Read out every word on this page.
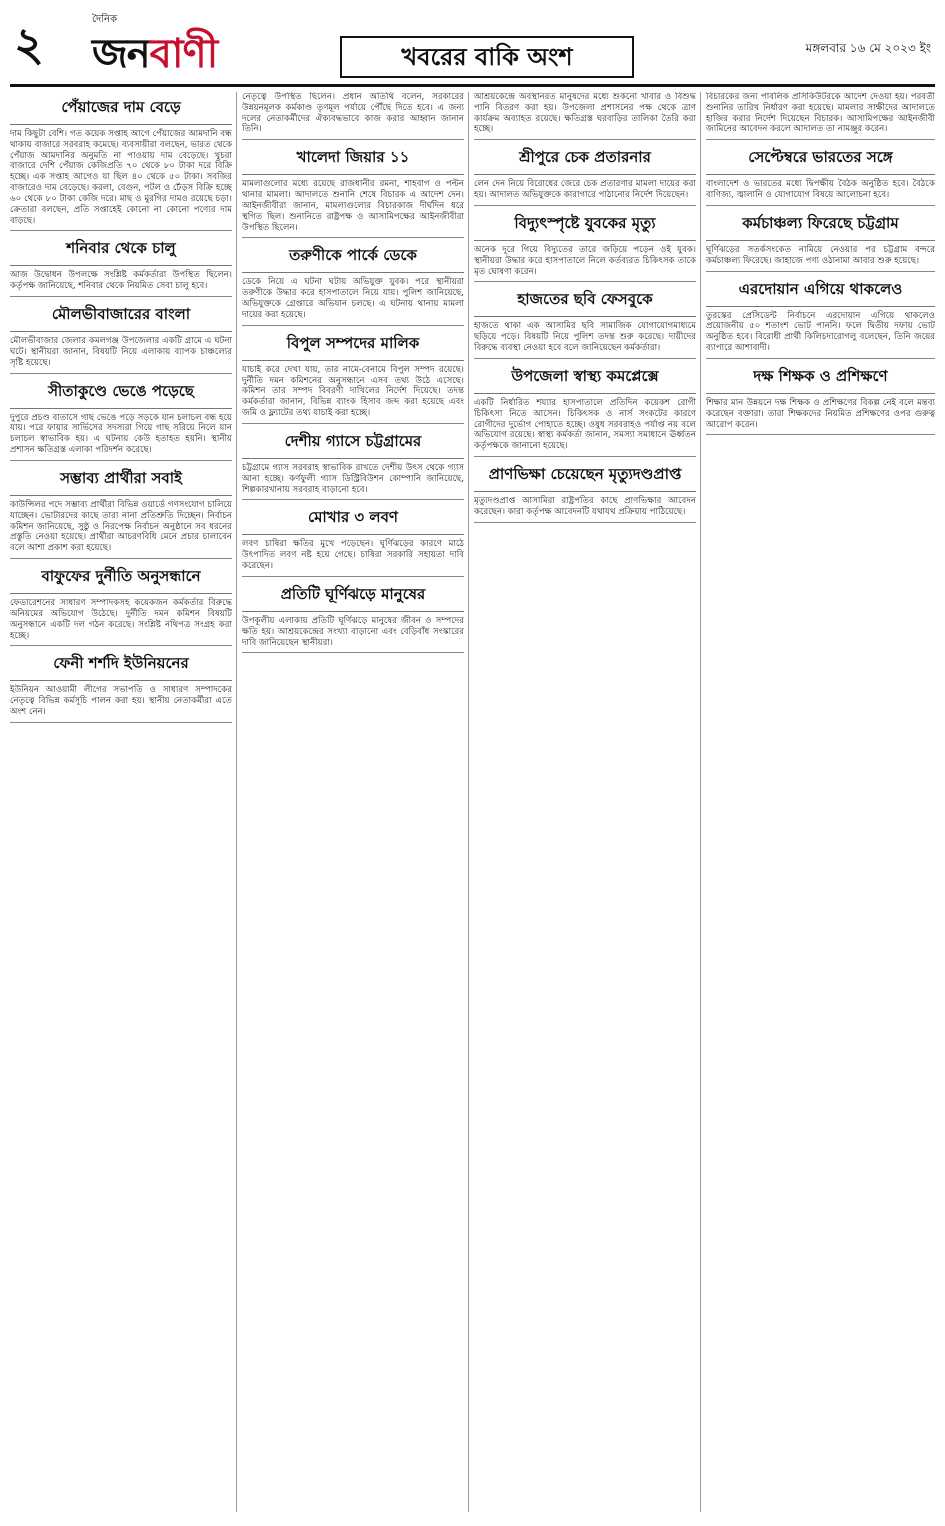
২	দৈনিক
জনবাণী	খবরের বাকি অংশ	মঙ্গলবার ১৬ মে ২০২৩ ইং
পেঁয়াজের দাম বেড়ে
দাম কিছুটা বেশি। গত কয়েক সপ্তাহ আগে পেঁয়াজের আমদানি বন্ধ থাকায় বাজারে সরবরাহ কমেছে। ব্যবসায়ীরা বলছেন, ভারত থেকে পেঁয়াজ আমদানির অনুমতি না পাওয়ায় দাম বেড়েছে। খুচরা বাজারে দেশি পেঁয়াজ কেজিপ্রতি ৭০ থেকে ৮০ টাকা দরে বিক্রি হচ্ছে। এক সপ্তাহ আগেও যা ছিল ৪০ থেকে ৫০ টাকা। সবজির বাজারেও দাম বেড়েছে। করলা, বেগুন, পটল ও ঢেঁড়স বিক্রি হচ্ছে ৬০ থেকে ৮০ টাকা কেজি দরে। মাছ ও মুরগির দামও রয়েছে চড়া। ক্রেতারা বলছেন, প্রতি সপ্তাহেই কোনো না কোনো পণ্যের দাম বাড়ছে।
শনিবার থেকে চালু
আজ উদ্বোধন উপলক্ষে সংশ্লিষ্ট কর্মকর্তারা উপস্থিত ছিলেন। কর্তৃপক্ষ জানিয়েছে, শনিবার থেকে নিয়মিত সেবা চালু হবে।
মৌলভীবাজারের বাংলা
মৌলভীবাজার জেলার কমলগঞ্জ উপজেলার একটি গ্রামে এ ঘটনা ঘটে। স্থানীয়রা জানান, বিষয়টি নিয়ে এলাকায় ব্যাপক চাঞ্চল্যের সৃষ্টি হয়েছে।
সীতাকুণ্ডে ভেঙে পড়েছে
দুপুরে প্রচণ্ড বাতাসে গাছ ভেঙে পড়ে সড়কে যান চলাচল বন্ধ হয়ে যায়। পরে ফায়ার সার্ভিসের সদস্যরা গিয়ে গাছ সরিয়ে নিলে যান চলাচল স্বাভাবিক হয়। এ ঘটনায় কেউ হতাহত হয়নি। স্থানীয় প্রশাসন ক্ষতিগ্রস্ত এলাকা পরিদর্শন করেছে।
সম্ভাব্য প্রার্থীরা সবাই
কাউন্সিলর পদে সম্ভাব্য প্রার্থীরা বিভিন্ন ওয়ার্ডে গণসংযোগ চালিয়ে যাচ্ছেন। ভোটারদের কাছে তারা নানা প্রতিশ্রুতি দিচ্ছেন। নির্বাচন কমিশন জানিয়েছে, সুষ্ঠু ও নিরপেক্ষ নির্বাচন অনুষ্ঠানে সব ধরনের প্রস্তুতি নেওয়া হয়েছে। প্রার্থীরা আচরণবিধি মেনে প্রচার চালাবেন বলে আশা প্রকাশ করা হয়েছে।
বাফুফের দুর্নীতি অনুসন্ধানে
ফেডারেশনের সাধারণ সম্পাদকসহ কয়েকজন কর্মকর্তার বিরুদ্ধে অনিয়মের অভিযোগ উঠেছে। দুর্নীতি দমন কমিশন বিষয়টি অনুসন্ধানে একটি দল গঠন করেছে। সংশ্লিষ্ট নথিপত্র সংগ্রহ করা হচ্ছে।
ফেনী শর্শদি ইউনিয়নের
ইউনিয়ন আওয়ামী লীগের সভাপতি ও সাধারণ সম্পাদকের নেতৃত্বে বিভিন্ন কর্মসূচি পালন করা হয়। স্থানীয় নেতাকর্মীরা এতে অংশ নেন।
নেতৃত্বে উপস্থিত ছিলেন। প্রধান অতিথি বলেন, সরকারের উন্নয়নমূলক কর্মকাণ্ড তৃণমূল পর্যায়ে পৌঁছে দিতে হবে। এ জন্য দলের নেতাকর্মীদের ঐক্যবদ্ধভাবে কাজ করার আহ্বান জানান তিনি।
খালেদা জিয়ার ১১
মামলাগুলোর মধ্যে রয়েছে রাজধানীর রমনা, শাহবাগ ও পল্টন থানার মামলা। আদালতে শুনানি শেষে বিচারক এ আদেশ দেন। আইনজীবীরা জানান, মামলাগুলোর বিচারকাজ দীর্ঘদিন ধরে স্থগিত ছিল। শুনানিতে রাষ্ট্রপক্ষ ও আসামিপক্ষের আইনজীবীরা উপস্থিত ছিলেন।
তরুণীকে পার্কে ডেকে
ডেকে নিয়ে এ ঘটনা ঘটায় অভিযুক্ত যুবক। পরে স্থানীয়রা তরুণীকে উদ্ধার করে হাসপাতালে নিয়ে যায়। পুলিশ জানিয়েছে, অভিযুক্তকে গ্রেপ্তারে অভিযান চলছে। এ ঘটনায় থানায় মামলা দায়ের করা হয়েছে।
বিপুল সম্পদের মালিক
যাচাই করে দেখা যায়, তার নামে-বেনামে বিপুল সম্পদ রয়েছে। দুর্নীতি দমন কমিশনের অনুসন্ধানে এসব তথ্য উঠে এসেছে। কমিশন তার সম্পদ বিবরণী দাখিলের নির্দেশ দিয়েছে। তদন্ত কর্মকর্তারা জানান, বিভিন্ন ব্যাংক হিসাব জব্দ করা হয়েছে এবং জমি ও ফ্ল্যাটের তথ্য যাচাই করা হচ্ছে।
দেশীয় গ্যাসে চট্টগ্রামের
চট্টগ্রামে গ্যাস সরবরাহ স্বাভাবিক রাখতে দেশীয় উৎস থেকে গ্যাস আনা হচ্ছে। কর্ণফুলী গ্যাস ডিস্ট্রিবিউশন কোম্পানি জানিয়েছে, শিল্পকারখানায় সরবরাহ বাড়ানো হবে।
মোখার ৩ লবণ
লবণ চাষিরা ক্ষতির মুখে পড়েছেন। ঘূর্ণিঝড়ের কারণে মাঠে উৎপাদিত লবণ নষ্ট হয়ে গেছে। চাষিরা সরকারি সহায়তা দাবি করেছেন।
প্রতিটি ঘূর্ণিঝড়ে মানুষের
উপকূলীয় এলাকায় প্রতিটি ঘূর্ণিঝড়ে মানুষের জীবন ও সম্পদের ক্ষতি হয়। আশ্রয়কেন্দ্রের সংখ্যা বাড়ানো এবং বেড়িবাঁধ সংস্কারের দাবি জানিয়েছেন স্থানীয়রা।
আশ্রয়কেন্দ্রে অবস্থানরত মানুষদের মধ্যে শুকনো খাবার ও বিশুদ্ধ পানি বিতরণ করা হয়। উপজেলা প্রশাসনের পক্ষ থেকে ত্রাণ কার্যক্রম অব্যাহত রয়েছে। ক্ষতিগ্রস্ত ঘরবাড়ির তালিকা তৈরি করা হচ্ছে।
শ্রীপুরে চেক প্রতারনার
লেন দেন নিয়ে বিরোধের জেরে চেক প্রতারণার মামলা দায়ের করা হয়। আদালত অভিযুক্তকে কারাগারে পাঠানোর নির্দেশ দিয়েছেন।
বিদ্যুৎস্পৃষ্টে যুবকের মৃত্যু
অনেক দূরে গিয়ে বিদ্যুতের তারে জড়িয়ে পড়েন ওই যুবক। স্থানীয়রা উদ্ধার করে হাসপাতালে নিলে কর্তব্যরত চিকিৎসক তাকে মৃত ঘোষণা করেন।
হাজতের ছবি ফেসবুকে
হাজতে থাকা এক আসামির ছবি সামাজিক যোগাযোগমাধ্যমে ছড়িয়ে পড়ে। বিষয়টি নিয়ে পুলিশ তদন্ত শুরু করেছে। দায়ীদের বিরুদ্ধে ব্যবস্থা নেওয়া হবে বলে জানিয়েছেন কর্মকর্তারা।
উপজেলা স্বাস্থ্য কমপ্লেক্সে
একটি নির্ধারিত শয্যার হাসপাতালে প্রতিদিন কয়েকশ রোগী চিকিৎসা নিতে আসেন। চিকিৎসক ও নার্স সংকটের কারণে রোগীদের দুর্ভোগ পোহাতে হচ্ছে। ওষুধ সরবরাহও পর্যাপ্ত নয় বলে অভিযোগ রয়েছে। স্বাস্থ্য কর্মকর্তা জানান, সমস্যা সমাধানে ঊর্ধ্বতন কর্তৃপক্ষকে জানানো হয়েছে।
প্রাণভিক্ষা চেয়েছেন মৃত্যুদণ্ডপ্রাপ্ত
মৃত্যুদণ্ডপ্রাপ্ত আসামিরা রাষ্ট্রপতির কাছে প্রাণভিক্ষার আবেদন করেছেন। কারা কর্তৃপক্ষ আবেদনটি যথাযথ প্রক্রিয়ায় পাঠিয়েছে।
বিচারকের জন্য পাবলিক প্রসিকিউটরকে আদেশ দেওয়া হয়। পরবর্তী শুনানির তারিখ নির্ধারণ করা হয়েছে। মামলার সাক্ষীদের আদালতে হাজির করার নির্দেশ দিয়েছেন বিচারক। আসামিপক্ষের আইনজীবী জামিনের আবেদন করলে আদালত তা নামঞ্জুর করেন।
সেপ্টেম্বরে ভারতের সঙ্গে
বাংলাদেশ ও ভারতের মধ্যে দ্বিপক্ষীয় বৈঠক অনুষ্ঠিত হবে। বৈঠকে বাণিজ্য, জ্বালানি ও যোগাযোগ বিষয়ে আলোচনা হবে।
কর্মচাঞ্চল্য ফিরেছে চট্টগ্রাম
ঘূর্ণিঝড়ের সতর্কসংকেত নামিয়ে নেওয়ার পর চট্টগ্রাম বন্দরে কর্মচাঞ্চল্য ফিরেছে। জাহাজে পণ্য ওঠানামা আবার শুরু হয়েছে।
এরদোয়ান এগিয়ে থাকলেও
তুরস্কের প্রেসিডেন্ট নির্বাচনে এরদোয়ান এগিয়ে থাকলেও প্রয়োজনীয় ৫০ শতাংশ ভোট পাননি। ফলে দ্বিতীয় দফায় ভোট অনুষ্ঠিত হবে। বিরোধী প্রার্থী কিলিচদারোগলু বলেছেন, তিনি জয়ের ব্যাপারে আশাবাদী।
দক্ষ শিক্ষক ও প্রশিক্ষণে
শিক্ষার মান উন্নয়নে দক্ষ শিক্ষক ও প্রশিক্ষণের বিকল্প নেই বলে মন্তব্য করেছেন বক্তারা। তারা শিক্ষকদের নিয়মিত প্রশিক্ষণের ওপর গুরুত্ব আরোপ করেন।
